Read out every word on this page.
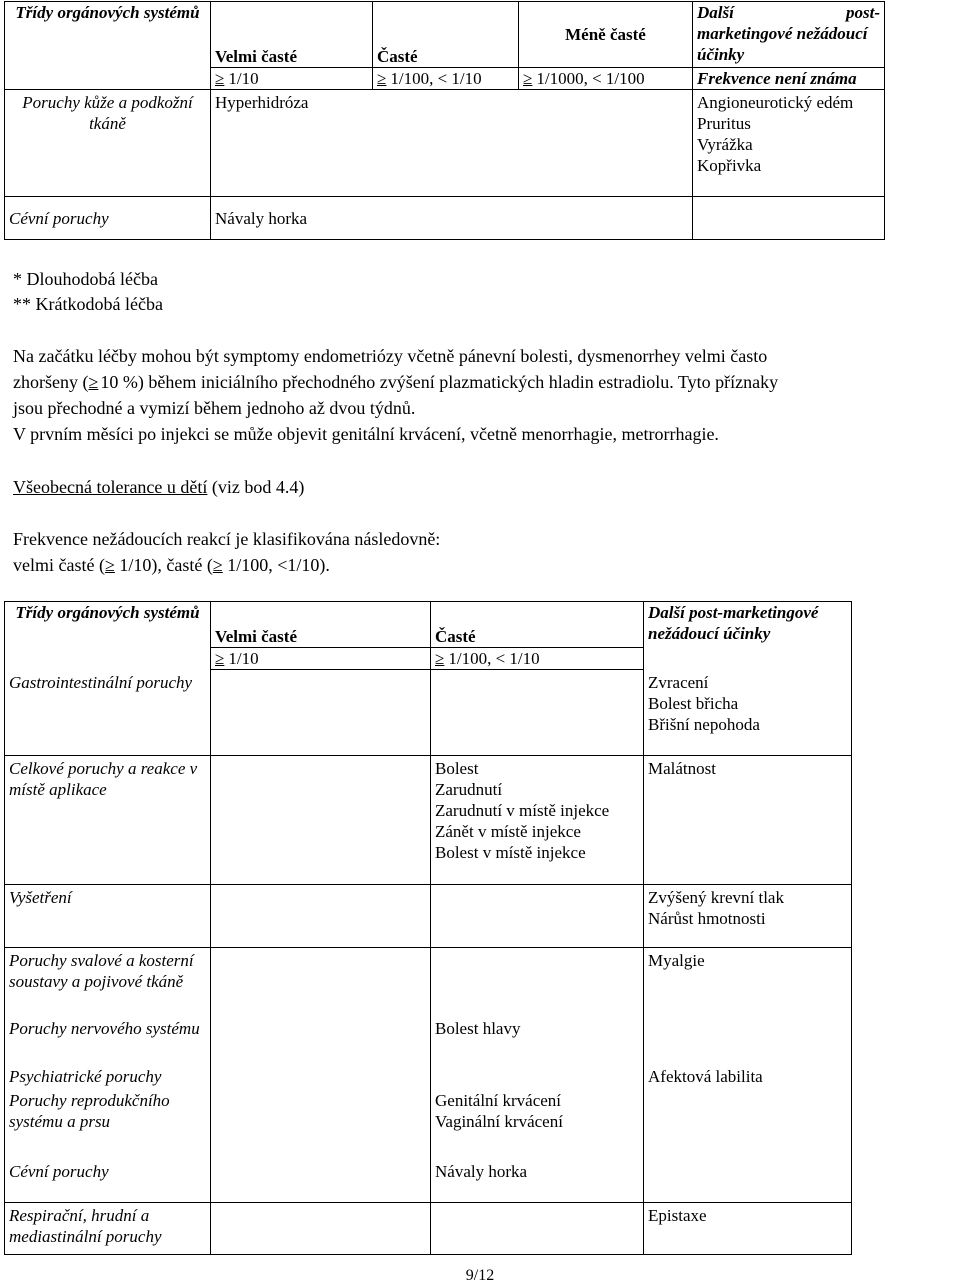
Třídy orgánových systémů	Velmi časté	Časté	Méně časté	Další post-
marketingové nežádoucí účinky
	≥ 1/10	≥ 1/100, < 1/10	≥ 1/1000, < 1/100	Frekvence není známa
Poruchy kůže a podkožní tkáně	Hyperhidróza			Angioneurotický edém
Pruritus
Vyrážka
Kopřivka

Cévní poruchy	Návaly horka			
* Dlouhodobá léčba
** Krátkodobá léčba
Na začátku léčby mohou být symptomy endometriózy včetně pánevní bolesti, dysmenorrhey velmi často
zhoršeny (≥ 10 %) během iniciálního přechodného zvýšení plazmatických hladin estradiolu. Tyto příznaky
jsou přechodné a vymizí během jednoho až dvou týdnů.
V prvním měsíci po injekci se může objevit genitální krvácení, včetně menorrhagie, metrorrhagie.
Všeobecná tolerance u dětí (viz bod 4.4)
Frekvence nežádoucích reakcí je klasifikována následovně:
velmi časté (≥ 1/10), časté (≥ 1/100, <1/10).
Třídy orgánových systémů	Velmi časté	Časté	Další post-marketingové nežádoucí účinky
	≥ 1/10	≥ 1/100, < 1/10	
Gastrointestinální poruchy			Zvracení
Bolest břicha
Břišní nepohoda

Celkové poruchy a reakce v místě aplikace		Bolest
Zarudnutí
Zarudnutí v místě injekce
Zánět v místě injekce
Bolest v místě injekce	Malátnost

Vyšetření			Zvýšený krevní tlak
Nárůst hmotnosti

Poruchy svalové a kosterní soustavy a pojivové tkáně			Myalgie

Poruchy nervového systému		Bolest hlavy	

Psychiatrické poruchy			Afektová labilita

Poruchy reprodukčního systému a prsu		Genitální krvácení
Vaginální krvácení	

Cévní poruchy		Návaly horka	

Respirační, hrudní a mediastinální poruchy			Epistaxe
9/12
